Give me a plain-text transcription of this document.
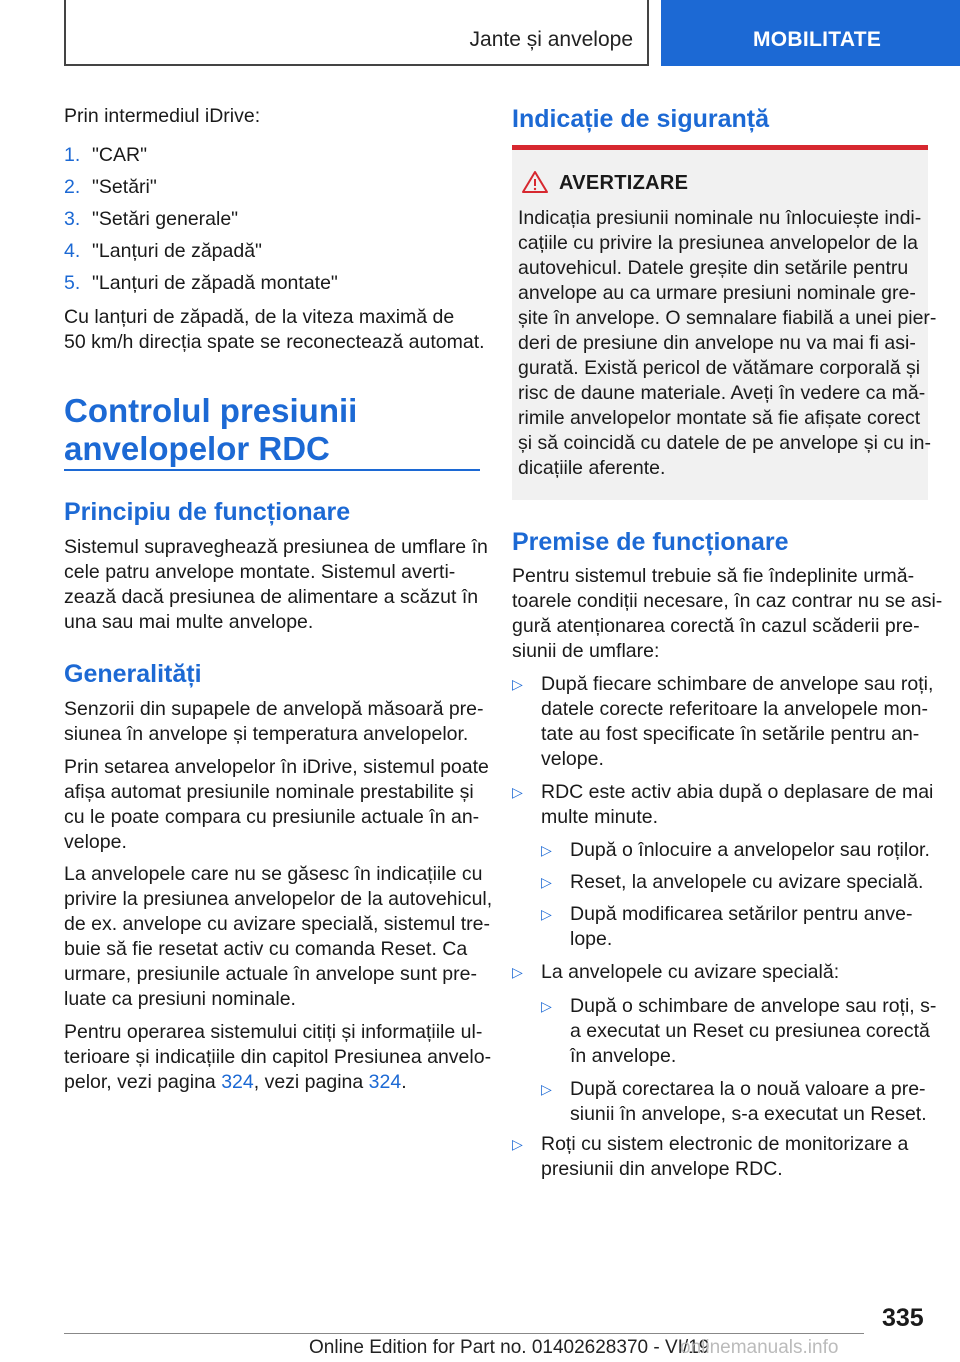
Jante și anvelope	MOBILITATE
Prin intermediul iDrive:
1. "CAR"
2. "Setări"
3. "Setări generale"
4. "Lanțuri de zăpadă"
5. "Lanțuri de zăpadă montate"
Cu lanțuri de zăpadă, de la viteza maximă de
50 km/h direcția spate se reconectează automat.
Controlul presiunii
anvelopelor RDC
Principiu de funcționare
Sistemul supraveghează presiunea de umflare în
cele patru anvelope montate. Sistemul averti‐
zează dacă presiunea de alimentare a scăzut în
una sau mai multe anvelope.
Generalități
Senzorii din supapele de anvelopă măsoară pre‐
siunea în anvelope și temperatura anvelopelor.
Prin setarea anvelopelor în iDrive, sistemul poate
afișa automat presiunile nominale prestabilite și
cu le poate compara cu presiunile actuale în an‐
velope.
La anvelopele care nu se găsesc în indicațiile cu
privire la presiunea anvelopelor de la autovehicul,
de ex. anvelope cu avizare specială, sistemul tre‐
buie să fie resetat activ cu comanda Reset. Ca
urmare, presiunile actuale în anvelope sunt pre‐
luate ca presiuni nominale.
Pentru operarea sistemului citiți și informațiile ul‐
terioare și indicațiile din capitol Presiunea anvelo‐
pelor, vezi pagina 324, vezi pagina 324.
Indicație de siguranță
AVERTIZARE
Indicația presiunii nominale nu înlocuiește indi‐
cațiile cu privire la presiunea anvelopelor de la
autovehicul. Datele greșite din setările pentru
anvelope au ca urmare presiuni nominale gre‐
șite în anvelope. O semnalare fiabilă a unei pier‐
deri de presiune din anvelope nu va mai fi asi‐
gurată. Există pericol de vătămare corporală și
risc de daune materiale. Aveți în vedere ca mă‐
rimile anvelopelor montate să fie afișate corect
și să coincidă cu datele de pe anvelope și cu in‐
dicațiile aferente.
Premise de funcționare
Pentru sistemul trebuie să fie îndeplinite urmă‐
toarele condiții necesare, în caz contrar nu se asi‐
gură atenționarea corectă în cazul scăderii pre‐
siunii de umflare:
▷ După fiecare schimbare de anvelope sau roți,
datele corecte referitoare la anvelopele mon‐
tate au fost specificate în setările pentru an‐
velope.
▷ RDC este activ abia după o deplasare de mai
multe minute.
▷ După o înlocuire a anvelopelor sau roților.
▷ Reset, la anvelopele cu avizare specială.
▷ După modificarea setărilor pentru anve‐
lope.
▷ La anvelopele cu avizare specială:
▷ După o schimbare de anvelope sau roți, s-
a executat un Reset cu presiunea corectă
în anvelope.
▷ După corectarea la o nouă valoare a pre‐
siunii în anvelope, s-a executat un Reset.
▷ Roți cu sistem electronic de monitorizare a
presiunii din anvelope RDC.
335
Online Edition for Part no. 01402628370 - VI/19
onlinemanuals.info
